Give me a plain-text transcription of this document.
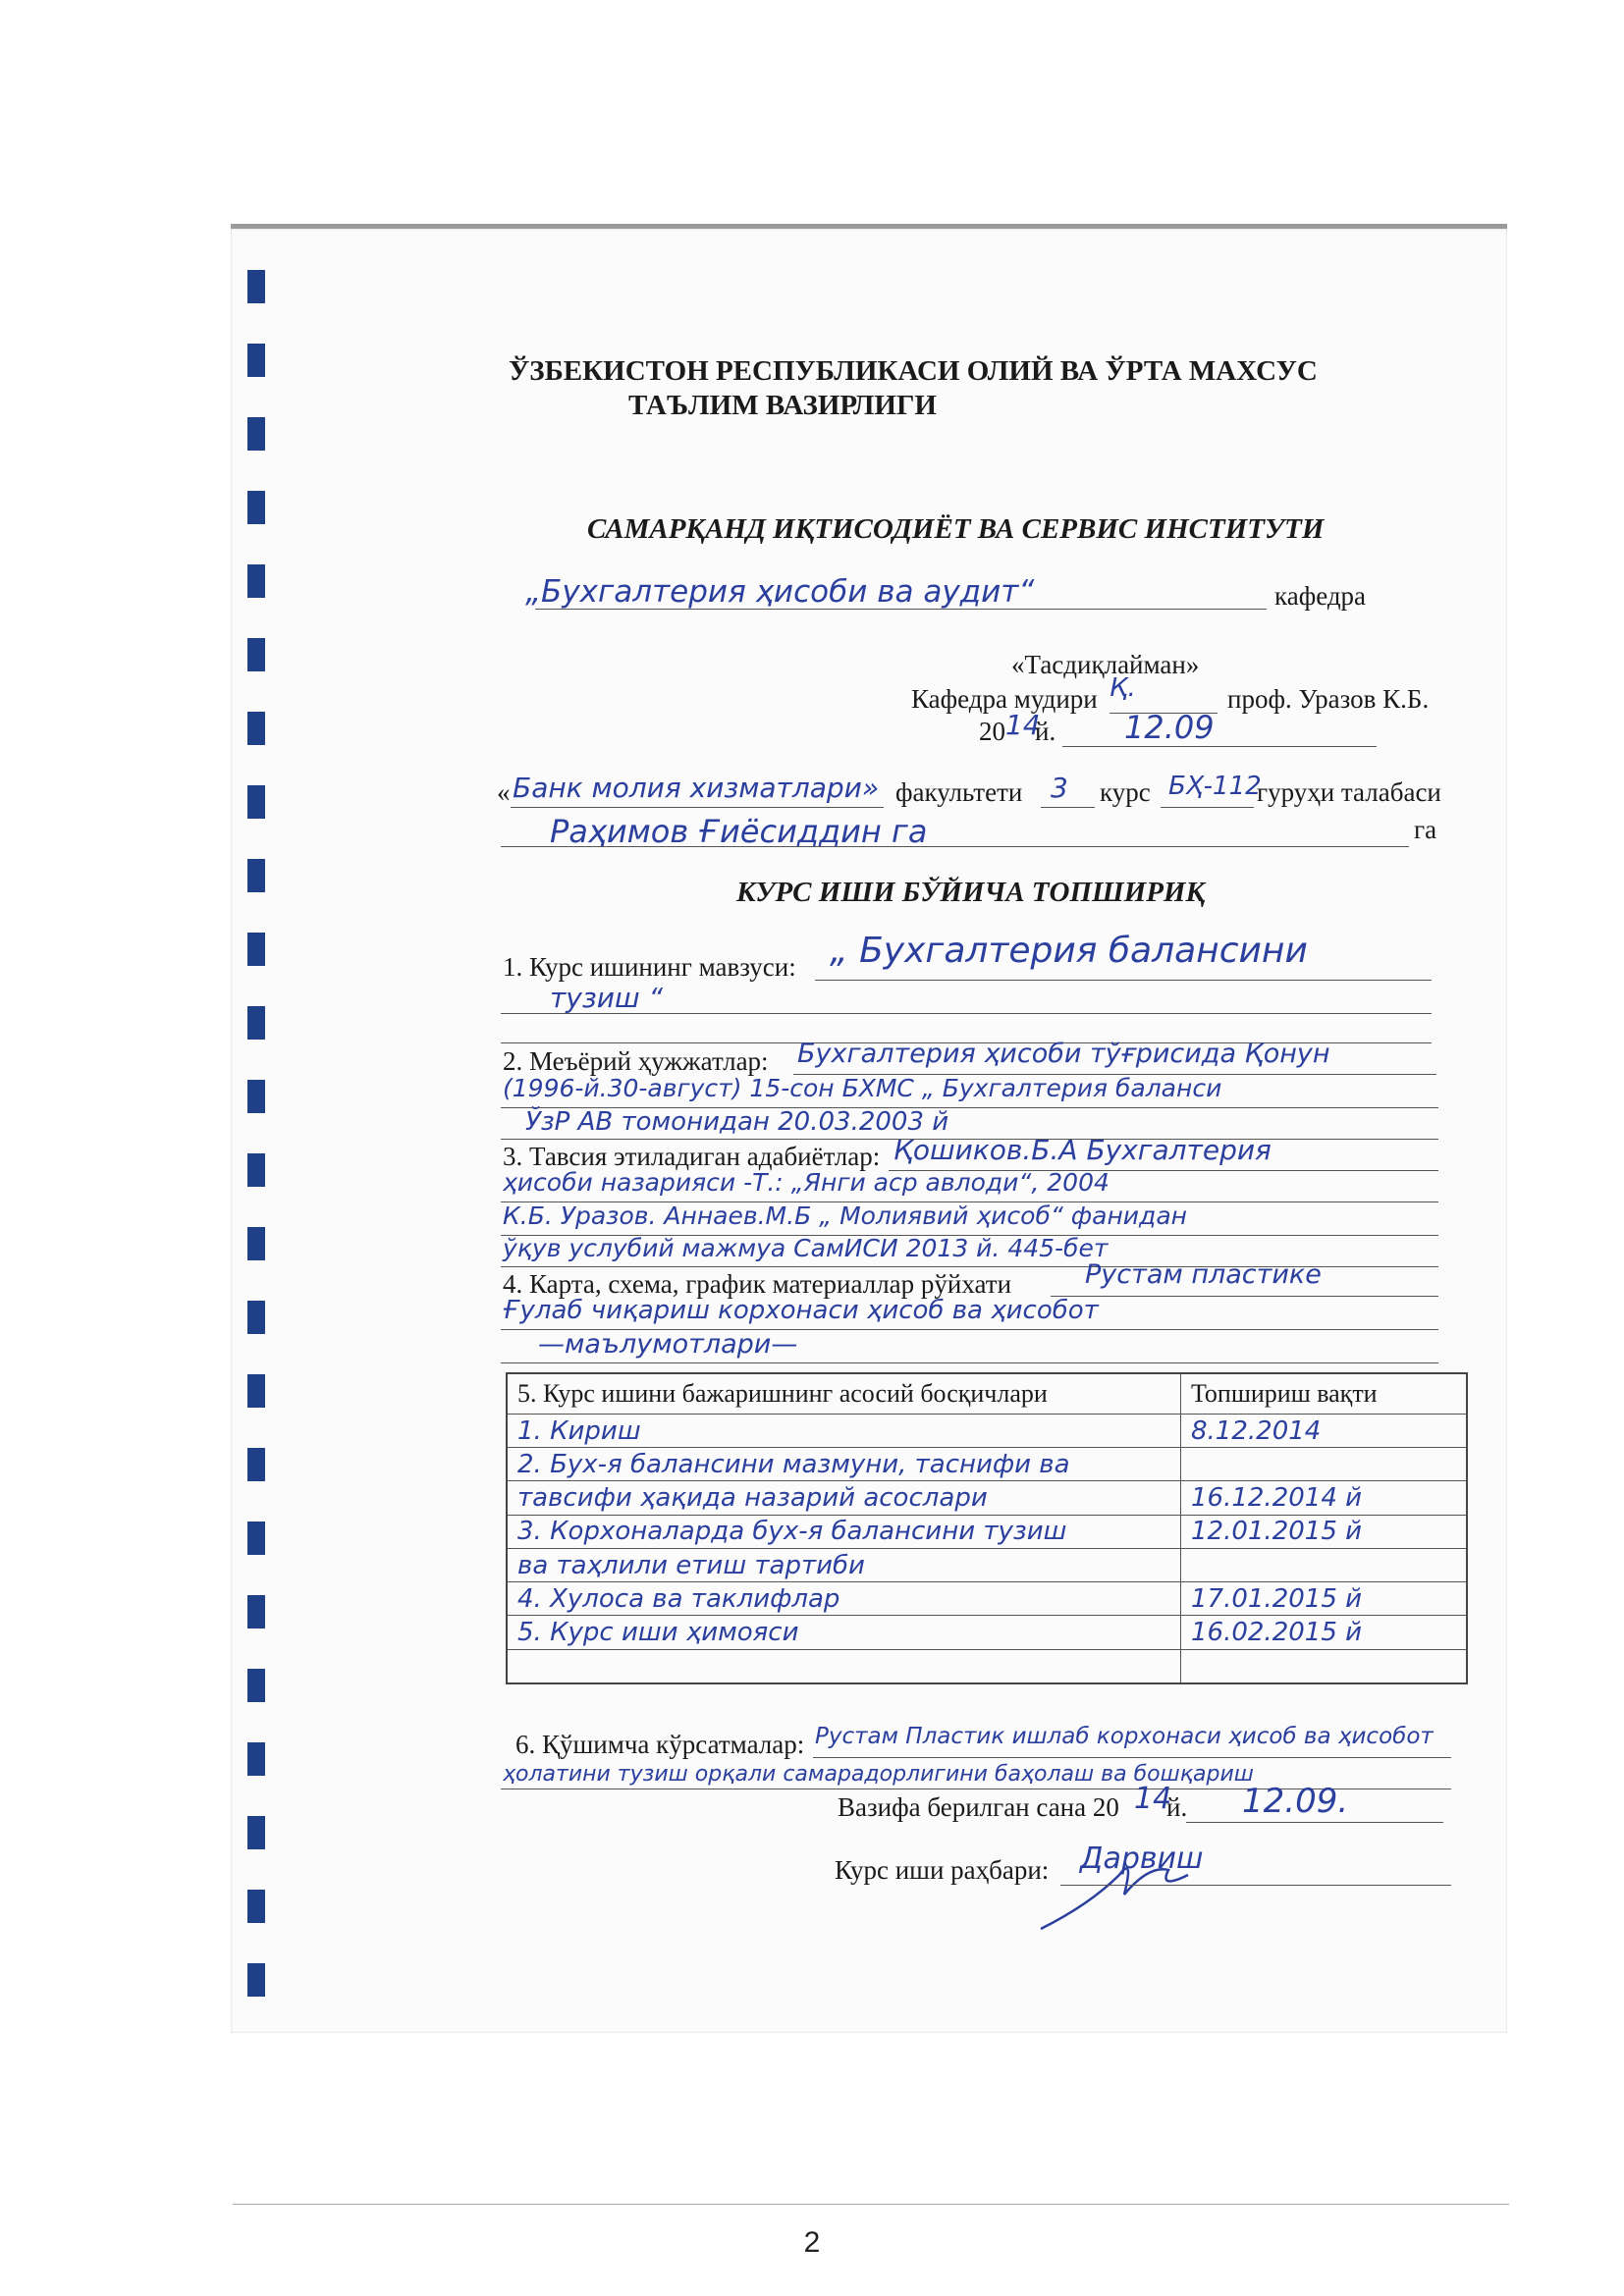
ЎЗБЕКИСТОН РЕСПУБЛИКАСИ ОЛИЙ ВА ЎРТА МАХСУС
ТАЪЛИМ ВАЗИРЛИГИ
САМАРҚАНД ИҚТИСОДИЁТ ВА СЕРВИС ИНСТИТУТИ
„Бухгалтерия ҳисоби ва аудит“	кафедра
«Тасдиқлайман»
Кафедра мудири Қ.	проф. Уразов К.Б.
20 14
й. 12.09
« Банк молия хизматлари» факультети 3 курс БҲ-112
гуруҳи талабаси
Раҳимов Ғиёсиддин га	га
КУРС ИШИ БЎЙИЧА ТОПШИРИҚ
1. Курс ишининг мавзуси: „ Бухгалтерия балансини
тузиш “
2. Меъёрий ҳужжатлар: Бухгалтерия ҳисоби тўғрисида Қонун
(1996-й.30-август) 15-сон БХМС „ Бухгалтерия баланси
ЎзР АВ томонидан 20.03.2003 й
3. Тавсия этиладиган адабиётлар: Қошиков.Б.А Бухгалтерия
ҳисоби назарияси -Т.: „Янги аср авлоди“, 2004
К.Б. Уразов. Аннаев.М.Б „ Молиявий ҳисоб“ фанидан
ўқув услубий мажмуа СамИСИ 2013 й. 445-бет
4. Карта, схема, график материаллар рўйхати	Рустам пластике
Ғулаб чиқариш корхонаси ҳисоб ва ҳисобот
—маълумотлари—
5. Курс ишини бажаришнинг асосий босқичлари	Топшириш вақти
1. Кириш	8.12.2014
2. Бух-я балансини мазмуни, таснифи ва	
тавсифи ҳақида назарий асослари	16.12.2014 й
3. Корхоналарда бух-я балансини тузиш	12.01.2015 й
ва таҳлили етиш тартиби	
4. Хулоса ва таклифлар	17.01.2015 й
5. Курс иши ҳимояси	16.02.2015 й

6. Қўшимча кўрсатмалар: Рустам Пластик ишлаб корхонаси ҳисоб ва ҳисобот
ҳолатини тузиш орқали самарадорлигини баҳолаш ва бошқариш
Вазифа берилган сана 20 14
й. 12.09.
Курс иши раҳбари: Дарвиш
2
